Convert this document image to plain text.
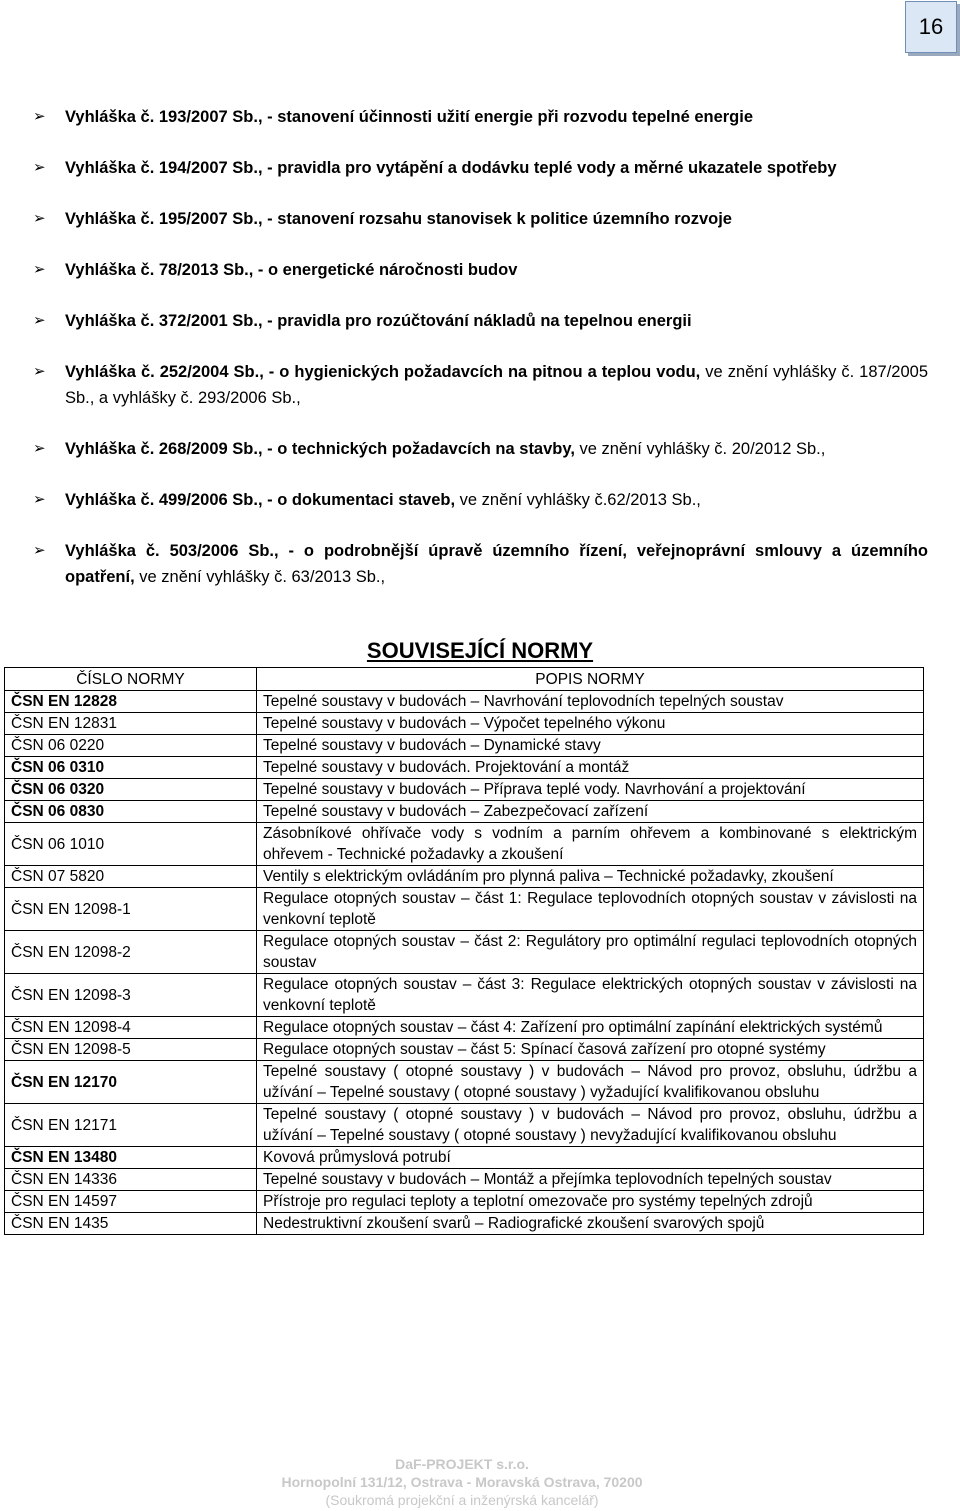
16
➢ Vyhláška č. 193/2007 Sb., - stanovení účinnosti užití energie při rozvodu tepelné energie
➢ Vyhláška č. 194/2007 Sb., - pravidla pro vytápění a dodávku teplé vody a měrné ukazatele spotřeby
➢ Vyhláška č. 195/2007 Sb., - stanovení rozsahu stanovisek k politice územního rozvoje
➢ Vyhláška č. 78/2013 Sb., - o energetické náročnosti budov
➢ Vyhláška č. 372/2001 Sb., - pravidla pro rozúčtování nákladů na tepelnou energii
➢ Vyhláška č. 252/2004 Sb., - o hygienických požadavcích na pitnou a teplou vodu, ve znění vyhlášky č. 187/2005 Sb., a vyhlášky č. 293/2006 Sb.,
➢ Vyhláška č. 268/2009 Sb., - o technických požadavcích na stavby, ve znění vyhlášky č. 20/2012 Sb.,
➢ Vyhláška č. 499/2006 Sb., - o dokumentaci staveb, ve znění vyhlášky č.62/2013 Sb.,
➢ Vyhláška č. 503/2006 Sb., - o podrobnější úpravě územního řízení, veřejnoprávní smlouvy a územního opatření, ve znění vyhlášky č. 63/2013 Sb.,
SOUVISEJÍCÍ NORMY
ČÍSLO NORMY	POPIS NORMY
ČSN EN 12828	Tepelné soustavy v budovách – Navrhování teplovodních tepelných soustav
ČSN EN 12831	Tepelné soustavy v budovách – Výpočet tepelného výkonu
ČSN 06 0220	Tepelné soustavy v budovách – Dynamické stavy
ČSN 06 0310	Tepelné soustavy v budovách. Projektování a montáž
ČSN 06 0320	Tepelné soustavy v budovách – Příprava teplé vody. Navrhování a projektování
ČSN 06 0830	Tepelné soustavy v budovách – Zabezpečovací zařízení
ČSN 06 1010	Zásobníkové ohřívače vody s vodním a parním ohřevem a kombinované s elektrickým ohřevem - Technické požadavky a zkoušení
ČSN 07 5820	Ventily s elektrickým ovládáním pro plynná paliva – Technické požadavky, zkoušení
ČSN EN 12098-1	Regulace otopných soustav – část 1: Regulace teplovodních otopných soustav v závislosti na venkovní teplotě
ČSN EN 12098-2	Regulace otopných soustav – část 2: Regulátory pro optimální regulaci teplovodních otopných soustav
ČSN EN 12098-3	Regulace otopných soustav – část 3: Regulace elektrických otopných soustav v závislosti na venkovní teplotě
ČSN EN 12098-4	Regulace otopných soustav – část 4: Zařízení pro optimální zapínání elektrických systémů
ČSN EN 12098-5	Regulace otopných soustav – část 5: Spínací časová zařízení pro otopné systémy
ČSN EN 12170	Tepelné soustavy ( otopné soustavy ) v budovách – Návod pro provoz, obsluhu, údržbu a užívání – Tepelné soustavy ( otopné soustavy ) vyžadující kvalifikovanou obsluhu
ČSN EN 12171	Tepelné soustavy ( otopné soustavy ) v budovách – Návod pro provoz, obsluhu, údržbu a užívání – Tepelné soustavy ( otopné soustavy ) nevyžadující kvalifikovanou obsluhu
ČSN EN 13480	Kovová průmyslová potrubí
ČSN EN 14336	Tepelné soustavy v budovách – Montáž a přejímka teplovodních tepelných soustav
ČSN EN 14597	Přístroje pro regulaci teploty a teplotní omezovače pro systémy tepelných zdrojů
ČSN EN 1435	Nedestruktivní zkoušení svarů – Radiografické zkoušení svarových spojů
DaF-PROJEKT s.r.o.
Hornopolní 131/12, Ostrava - Moravská Ostrava, 70200
(Soukromá projekční a inženýrská kancelář)
